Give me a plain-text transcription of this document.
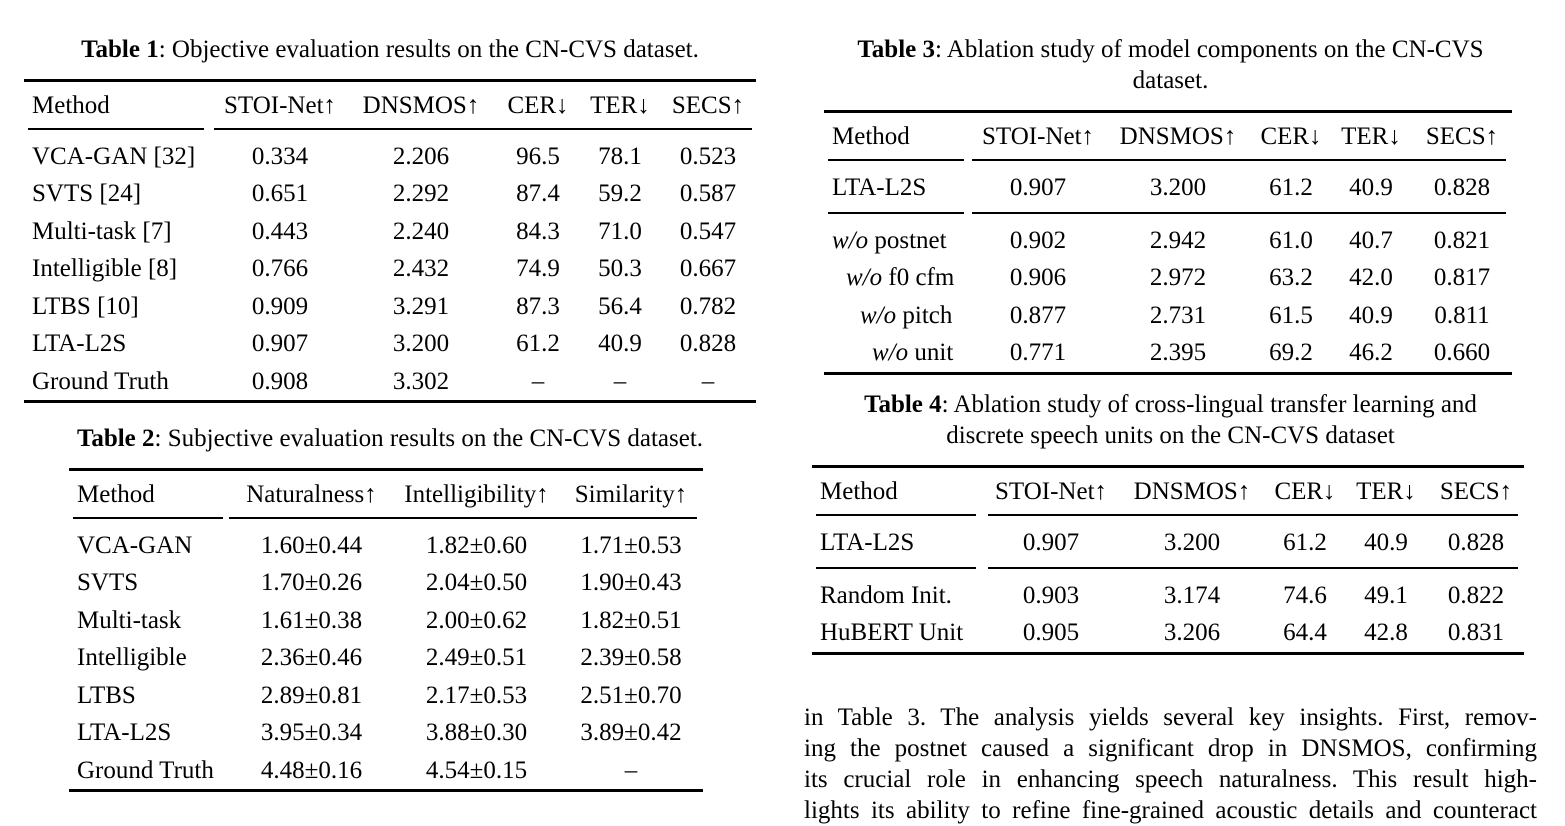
Table 1: Objective evaluation results on the CN-CVS dataset.
Method	STOI-Net↑	DNSMOS↑	CER↓	TER↓	SECS↑

VCA-GAN [32]	0.334	2.206	96.5	78.1	0.523
SVTS [24]	0.651	2.292	87.4	59.2	0.587
Multi-task [7]	0.443	2.240	84.3	71.0	0.547
Intelligible [8]	0.766	2.432	74.9	50.3	0.667
LTBS [10]	0.909	3.291	87.3	56.4	0.782
LTA-L2S	0.907	3.200	61.2	40.9	0.828
Ground Truth	0.908	3.302	–	–	–
Table 2: Subjective evaluation results on the CN-CVS dataset.
Method	Naturalness↑	Intelligibility↑	Similarity↑

VCA-GAN	1.60±0.44	1.82±0.60	1.71±0.53
SVTS	1.70±0.26	2.04±0.50	1.90±0.43
Multi-task	1.61±0.38	2.00±0.62	1.82±0.51
Intelligible	2.36±0.46	2.49±0.51	2.39±0.58
LTBS	2.89±0.81	2.17±0.53	2.51±0.70
LTA-L2S	3.95±0.34	3.88±0.30	3.89±0.42
Ground Truth	4.48±0.16	4.54±0.15	–
Table 3: Ablation study of model components on the CN-CVS
dataset.
Method	STOI-Net↑	DNSMOS↑	CER↓	TER↓	SECS↑

LTA-L2S	0.907	3.200	61.2	40.9	0.828

w/o postnet	0.902	2.942	61.0	40.7	0.821
w/o f0 cfm	0.906	2.972	63.2	42.0	0.817
w/o pitch	0.877	2.731	61.5	40.9	0.811
w/o unit	0.771	2.395	69.2	46.2	0.660
Table 4: Ablation study of cross-lingual transfer learning and
discrete speech units on the CN-CVS dataset
Method	STOI-Net↑	DNSMOS↑	CER↓	TER↓	SECS↑

LTA-L2S	0.907	3.200	61.2	40.9	0.828

Random Init.	0.903	3.174	74.6	49.1	0.822
HuBERT Unit	0.905	3.206	64.4	42.8	0.831
in Table 3. The analysis yields several key insights. First, remov-
ing the postnet caused a significant drop in DNSMOS, confirming
its crucial role in enhancing speech naturalness. This result high-
lights its ability to refine fine-grained acoustic details and counteract
